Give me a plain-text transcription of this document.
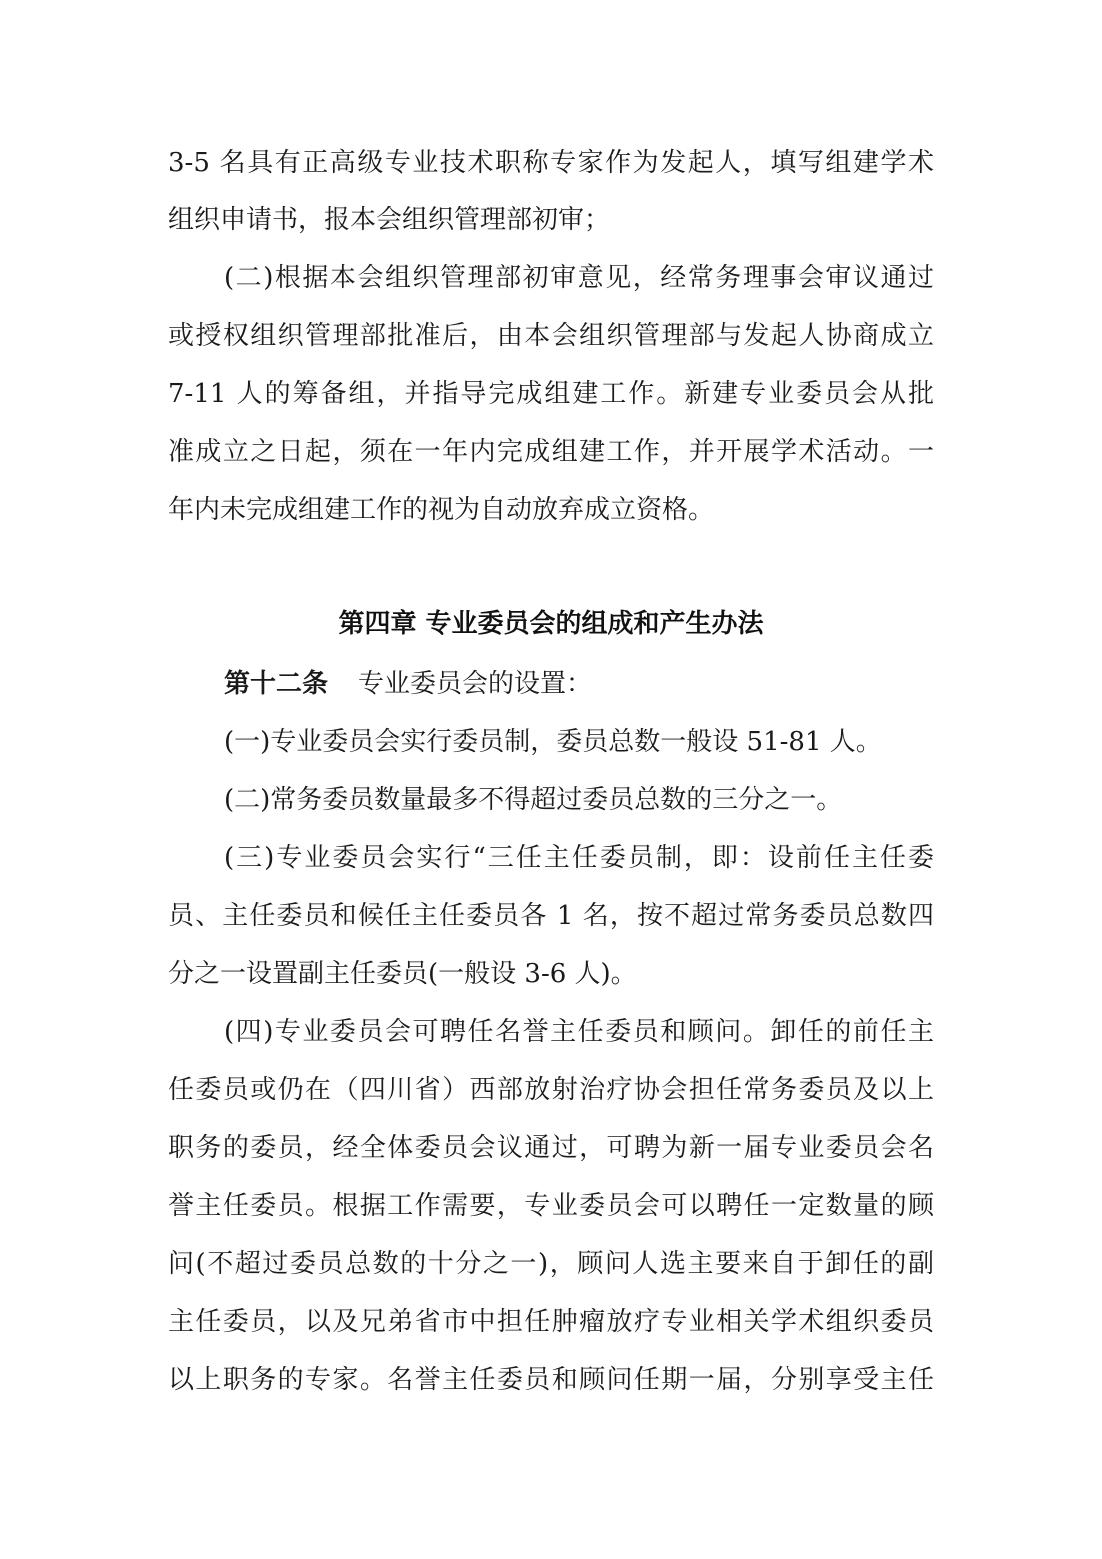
3-5 名具有正高级专业技术职称专家作为发起人，填写组建学术
组织申请书，报本会组织管理部初审；
(二)根据本会组织管理部初审意见，经常务理事会审议通过
或授权组织管理部批准后，由本会组织管理部与发起人协商成立
7-11 人的筹备组，并指导完成组建工作。新建专业委员会从批
准成立之日起，须在一年内完成组建工作，并开展学术活动。一
年内未完成组建工作的视为自动放弃成立资格。
第四章 专业委员会的组成和产生办法
第十二条 专业委员会的设置：
(一)专业委员会实行委员制，委员总数一般设 51-81 人。
(二)常务委员数量最多不得超过委员总数的三分之一。
(三)专业委员会实行“三任主任委员制，即：设前任主任委
员、主任委员和候任主任委员各 1 名，按不超过常务委员总数四
分之一设置副主任委员(一般设 3-6 人)。
(四)专业委员会可聘任名誉主任委员和顾问。卸任的前任主
任委员或仍在（四川省）西部放射治疗协会担任常务委员及以上
职务的委员，经全体委员会议通过，可聘为新一届专业委员会名
誉主任委员。根据工作需要，专业委员会可以聘任一定数量的顾
问(不超过委员总数的十分之一)，顾问人选主要来自于卸任的副
主任委员，以及兄弟省市中担任肿瘤放疗专业相关学术组织委员
以上职务的专家。名誉主任委员和顾问任期一届，分别享受主任
